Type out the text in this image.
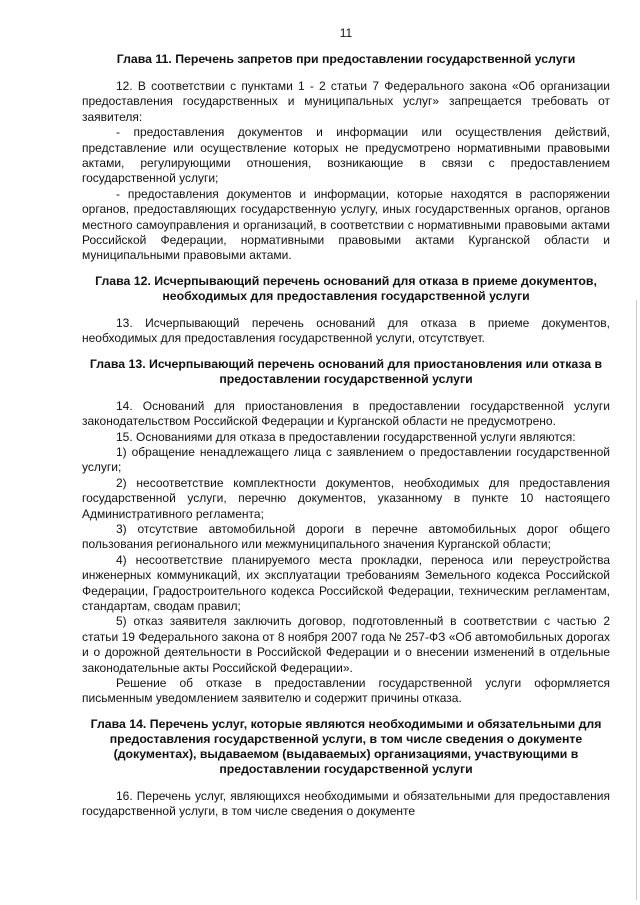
11
Глава 11. Перечень запретов при предоставлении государственной услуги

12. В соответствии с пунктами 1 - 2 статьи 7 Федерального закона «Об организации предоставления государственных и муниципальных услуг» запрещается требовать от заявителя:

- предоставления документов и информации или осуществления действий, представление или осуществление которых не предусмотрено нормативными правовыми актами, регулирующими отношения, возникающие в связи с предоставлением государственной услуги;

- предоставления документов и информации, которые находятся в распоряжении органов, предоставляющих государственную услугу, иных государственных органов, органов местного самоуправления и организаций, в соответствии с нормативными правовыми актами Российской Федерации, нормативными правовыми актами Курганской области и муниципальными правовыми актами.

Глава 12. Исчерпывающий перечень оснований для отказа в приеме документов, необходимых для предоставления государственной услуги

13. Исчерпывающий перечень оснований для отказа в приеме документов, необходимых для предоставления государственной услуги, отсутствует.

Глава 13. Исчерпывающий перечень оснований для приостановления или отказа в предоставлении государственной услуги

14. Оснований для приостановления в предоставлении государственной услуги законодательством Российской Федерации и Курганской области не предусмотрено.

15. Основаниями для отказа в предоставлении государственной услуги являются:

1) обращение ненадлежащего лица с заявлением о предоставлении государственной услуги;

2) несоответствие комплектности документов, необходимых для предоставления государственной услуги, перечню документов, указанному в пункте 10 настоящего Административного регламента;

3) отсутствие автомобильной дороги в перечне автомобильных дорог общего пользования регионального или межмуниципального значения Курганской области;

4) несоответствие планируемого места прокладки, переноса или переустройства инженерных коммуникаций, их эксплуатации требованиям Земельного кодекса Российской Федерации, Градостроительного кодекса Российской Федерации, техническим регламентам, стандартам, сводам правил;

5) отказ заявителя заключить договор, подготовленный в соответствии с частью 2 статьи 19 Федерального закона от 8 ноября 2007 года № 257-ФЗ «Об автомобильных дорогах и о дорожной деятельности в Российской Федерации и о внесении изменений в отдельные законодательные акты Российской Федерации».

Решение об отказе в предоставлении государственной услуги оформляется письменным уведомлением заявителю и содержит причины отказа.

Глава 14. Перечень услуг, которые являются необходимыми и обязательными для предоставления государственной услуги, в том числе сведения о документе (документах), выдаваемом (выдаваемых) организациями, участвующими в предоставлении государственной услуги

16. Перечень услуг, являющихся необходимыми и обязательными для предоставления государственной услуги, в том числе сведения о документе
